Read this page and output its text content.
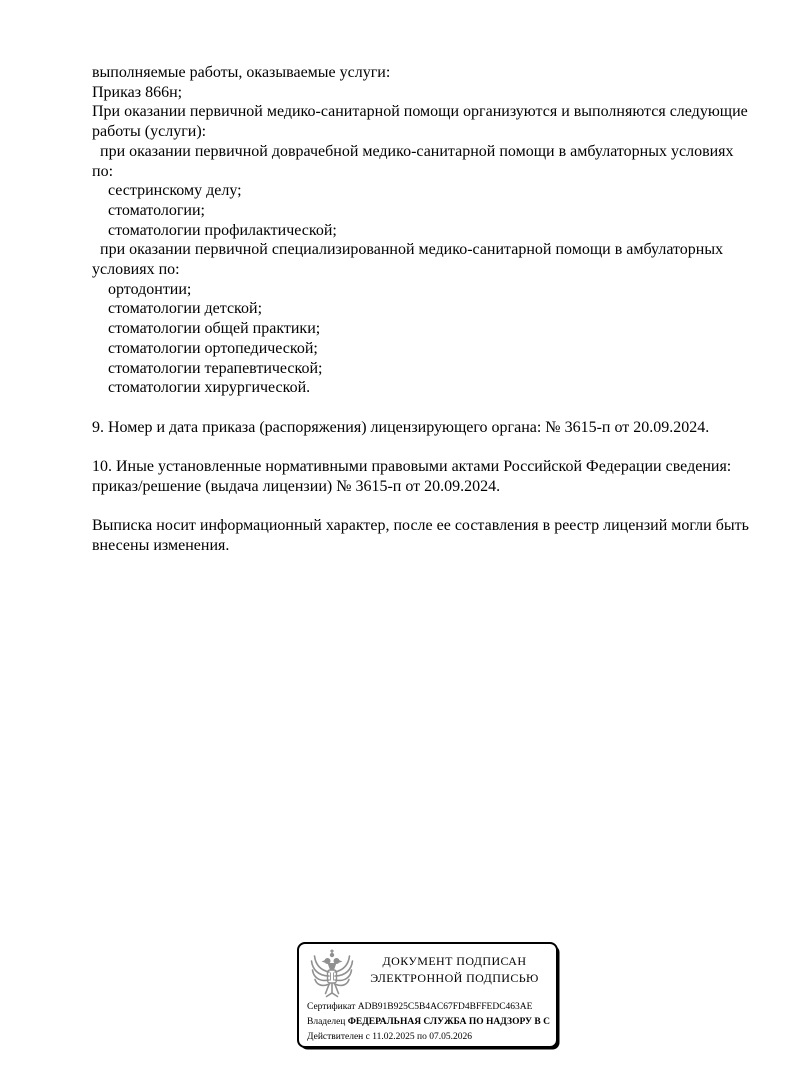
выполняемые работы, оказываемые услуги:
Приказ 866н;
При оказании первичной медико-санитарной помощи организуются и выполняются следующие
работы (услуги):
при оказании первичной доврачебной медико-санитарной помощи в амбулаторных условиях
по:
сестринскому делу;
стоматологии;
стоматологии профилактической;
при оказании первичной специализированной медико-санитарной помощи в амбулаторных
условиях по:
ортодонтии;
стоматологии детской;
стоматологии общей практики;
стоматологии ортопедической;
стоматологии терапевтической;
стоматологии хирургической.
9. Номер и дата приказа (распоряжения) лицензирующего органа: № 3615-п от 20.09.2024.
10. Иные установленные нормативными правовыми актами Российской Федерации сведения:
приказ/решение (выдача лицензии) № 3615-п от 20.09.2024.
Выписка носит информационный характер, после ее составления в реестр лицензий могли быть
внесены изменения.
ДОКУМЕНТ ПОДПИСАН
ЭЛЕКТРОННОЙ ПОДПИСЬЮ
Сертификат ADB91B925C5B4AC67FD4BFFEDC463AE
Владелец ФЕДЕРАЛЬНАЯ СЛУЖБА ПО НАДЗОРУ В С
Действителен с 11.02.2025 по 07.05.2026
